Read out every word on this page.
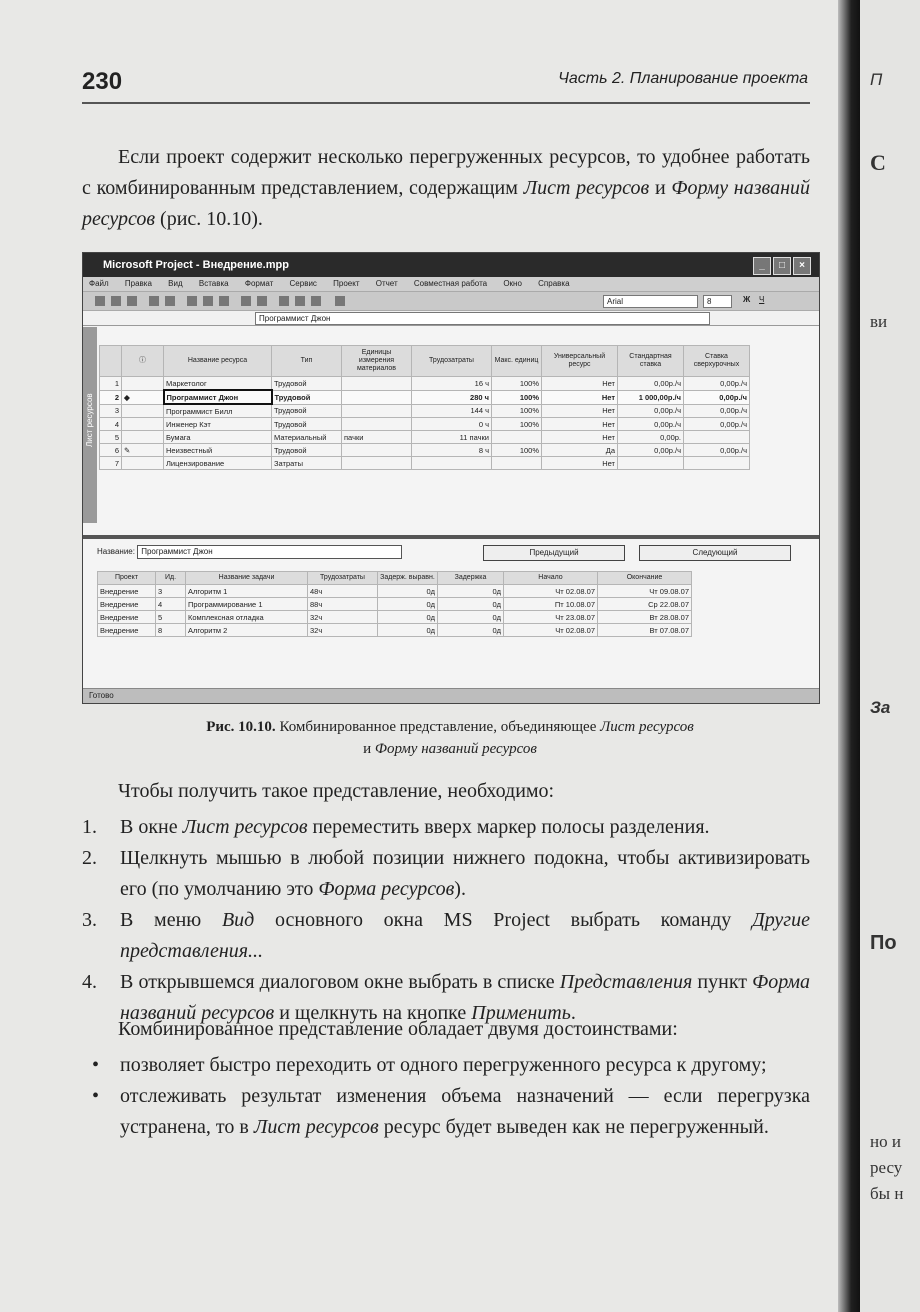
230	Часть 2. Планирование проекта

Если проект содержит несколько перегруженных ресурсов, то удобнее работать с комбинированным представлением, содержащим Лист ресурсов и Форму названий ресурсов (рис. 10.10).

Microsoft Project - Внедрение.mpp	_	□	×
Файл Правка Вид Вставка Формат Сервис Проект Отчет Совместная работа Окно Справка
Arial	8	Ж Ч
Программист Джон
Лист ресурсов
	ⓘ	Название ресурса	Тип	Единицы измерения материалов	Трудозатраты	Макс. единиц	Универсальный ресурс	Стандартная ставка	Ставка сверхурочных
1		Маркетолог	Трудовой		16 ч	100%	Нет	0,00р./ч	0,00р./ч
2	◆	Программист Джон	Трудовой		280 ч	100%	Нет	1 000,00р./ч	0,00р./ч
3		Программист Билл	Трудовой		144 ч	100%	Нет	0,00р./ч	0,00р./ч
4		Инженер Кэт	Трудовой		0 ч	100%	Нет	0,00р./ч	0,00р./ч
5		Бумага	Материальный	пачки	11 пачки		Нет	0,00р.	
6	✎	Неизвестный	Трудовой		8 ч	100%	Да	0,00р./ч	0,00р./ч
7		Лицензирование	Затраты				Нет		
Название: Программист Джон	Предыдущий	Следующий
Проект	Ид.	Название задачи	Трудозатраты	Задерж. выравн.	Задержка	Начало	Окончание
Внедрение	3	Алгоритм 1	48ч	0д	0д	Чт 02.08.07	Чт 09.08.07
Внедрение	4	Программирование 1	88ч	0д	0д	Пт 10.08.07	Ср 22.08.07
Внедрение	5	Комплексная отладка	32ч	0д	0д	Чт 23.08.07	Вт 28.08.07
Внедрение	8	Алгоритм 2	32ч	0д	0д	Чт 02.08.07	Вт 07.08.07
Готово
Рис. 10.10. Комбинированное представление, объединяющее Лист ресурсов
и Форму названий ресурсов

Чтобы получить такое представление, необходимо:

1. В окне Лист ресурсов переместить вверх маркер полосы разделения.
2. Щелкнуть мышью в любой позиции нижнего подокна, чтобы активизировать его (по умолчанию это Форма ресурсов).
3. В меню Вид основного окна MS Project выбрать команду Другие представления...
4. В открывшемся диалоговом окне выбрать в списке Представления пункт Форма названий ресурсов и щелкнуть на кнопке Применить.

Комбинированное представление обладает двумя достоинствами:

• позволяет быстро переходить от одного перегруженного ресурса к другому;
• отслеживать результат изменения объема назначений — если перегрузка устранена, то в Лист ресурсов ресурс будет выведен как не перегруженный.
П
С
ви
За
По
но и
ресу
бы н
